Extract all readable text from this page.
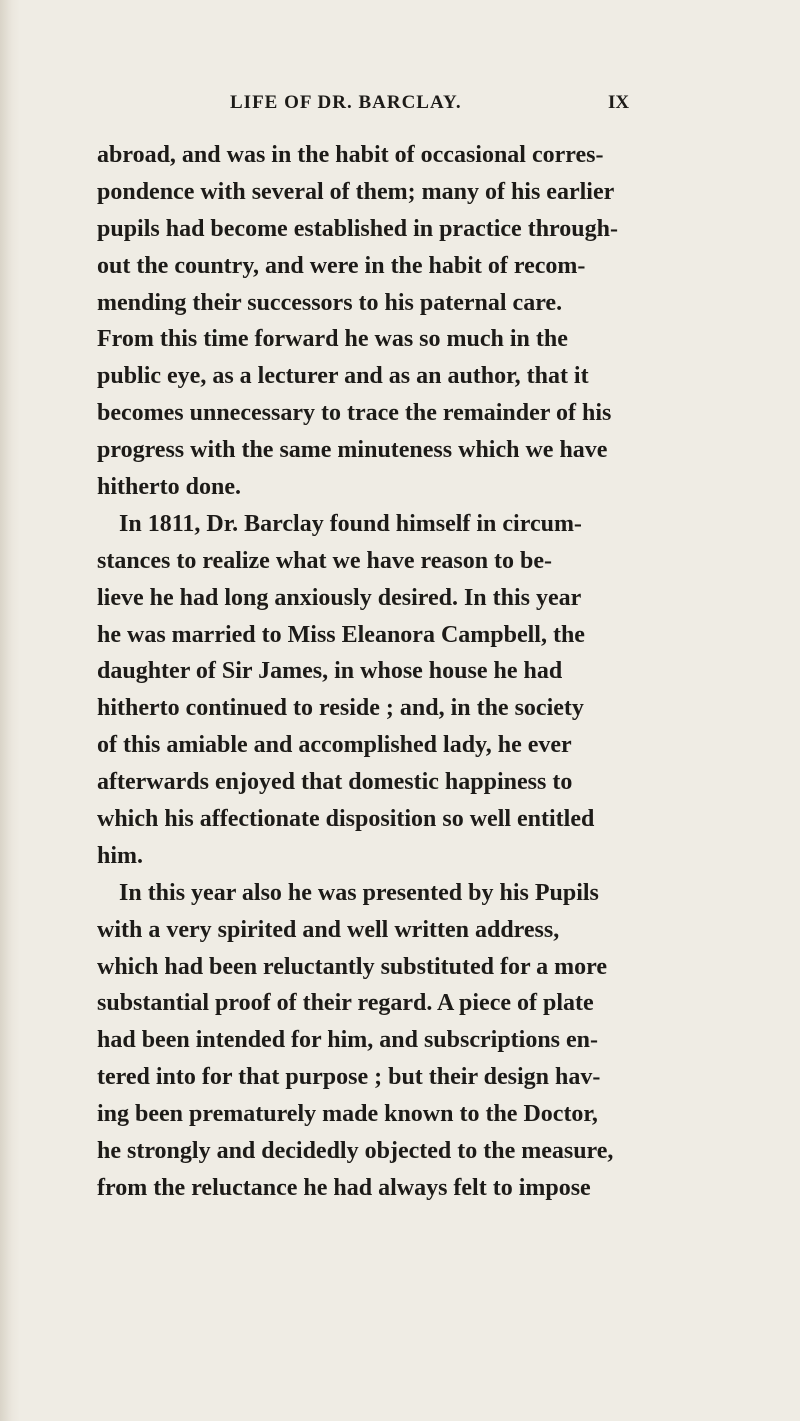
LIFE OF DR. BARCLAY.	IX
abroad, and was in the habit of occasional corres-
pondence with several of them; many of his earlier
pupils had become established in practice through-
out the country, and were in the habit of recom-
mending their successors to his paternal care.
From this time forward he was so much in the
public eye, as a lecturer and as an author, that it
becomes unnecessary to trace the remainder of his
progress with the same minuteness which we have
hitherto done.
In 1811, Dr. Barclay found himself in circum-
stances to realize what we have reason to be-
lieve he had long anxiously desired. In this year
he was married to Miss Eleanora Campbell, the
daughter of Sir James, in whose house he had
hitherto continued to reside ; and, in the society
of this amiable and accomplished lady, he ever
afterwards enjoyed that domestic happiness to
which his affectionate disposition so well entitled
him.
In this year also he was presented by his Pupils
with a very spirited and well written address,
which had been reluctantly substituted for a more
substantial proof of their regard. A piece of plate
had been intended for him, and subscriptions en-
tered into for that purpose ; but their design hav-
ing been prematurely made known to the Doctor,
he strongly and decidedly objected to the measure,
from the reluctance he had always felt to impose
